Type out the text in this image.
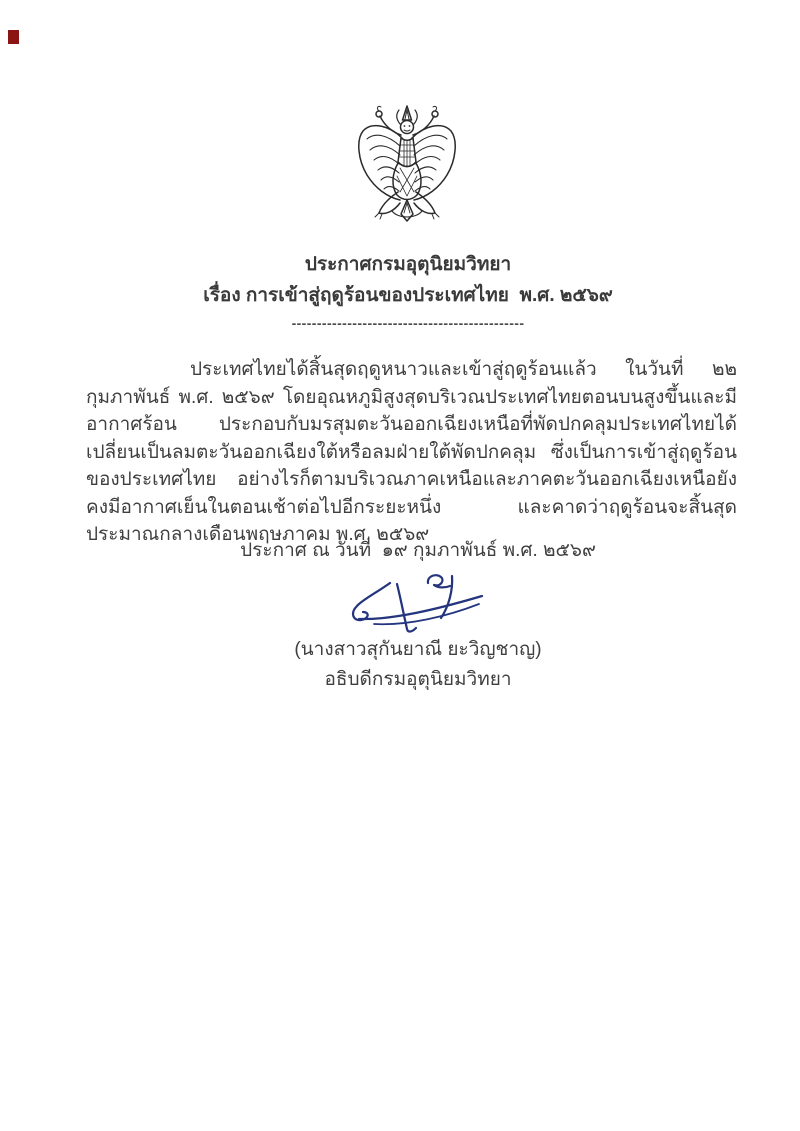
ประกาศกรมอุตุนิยมวิทยา
เรื่อง การเข้าสู่ฤดูร้อนของประเทศไทย  พ.ศ. ๒๕๖๙
----------------------------------------------

ประเทศไทยได้สิ้นสุดฤดูหนาวและเข้าสู่ฤดูร้อนแล้ว ในวันที่ ๒๒ กุมภาพันธ์ พ.ศ. ๒๕๖๙ โดยอุณหภูมิสูงสุดบริเวณประเทศไทยตอนบนสูงขึ้นและมีอากาศร้อน ประกอบกับมรสุมตะวันออกเฉียงเหนือที่พัดปกคลุมประเทศไทยได้เปลี่ยนเป็นลมตะวันออกเฉียงใต้หรือลมฝ่ายใต้พัดปกคลุม ซึ่งเป็นการเข้าสู่ฤดูร้อนของประเทศไทย อย่างไรก็ตามบริเวณภาคเหนือและภาคตะวันออกเฉียงเหนือยังคงมีอากาศเย็นในตอนเช้าต่อไปอีกระยะหนึ่ง และคาดว่าฤดูร้อนจะสิ้นสุดประมาณกลางเดือนพฤษภาคม พ.ศ. ๒๕๖๙

ประกาศ ณ วันที่  ๑๙ กุมภาพันธ์ พ.ศ. ๒๕๖๙
(นางสาวสุกันยาณี ยะวิญชาญ)
อธิบดีกรมอุตุนิยมวิทยา
